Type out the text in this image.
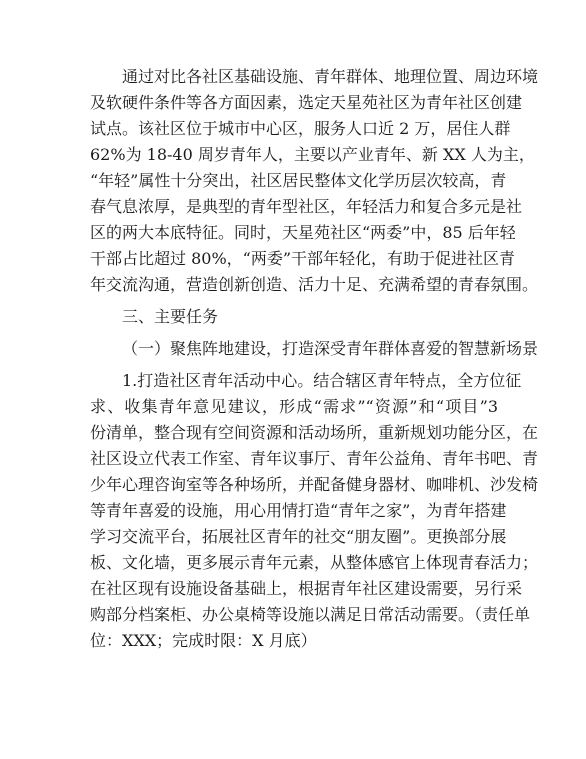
通过对比各社区基础设施、青年群体、地理位置、周边环境
及软硬件条件等各方面因素，选定天星苑社区为青年社区创建
试点。该社区位于城市中心区，服务人口近 2 万，居住人群
62%为 18-40 周岁青年人，主要以产业青年、新 XX 人为主，
“年轻”属性十分突出，社区居民整体文化学历层次较高，青
春气息浓厚，是典型的青年型社区，年轻活力和复合多元是社
区的两大本底特征。同时，天星苑社区“两委”中，85 后年轻
干部占比超过 80%，“两委”干部年轻化，有助于促进社区青
年交流沟通，营造创新创造、活力十足、充满希望的青春氛围。
三、主要任务
（一）聚焦阵地建设，打造深受青年群体喜爱的智慧新场景
1.打造社区青年活动中心。结合辖区青年特点，全方位征
求、收集青年意见建议，形成“需求”“资源”和“项目”3
份清单，整合现有空间资源和活动场所，重新规划功能分区，在
社区设立代表工作室、青年议事厅、青年公益角、青年书吧、青
少年心理咨询室等各种场所，并配备健身器材、咖啡机、沙发椅
等青年喜爱的设施，用心用情打造“青年之家”，为青年搭建
学习交流平台，拓展社区青年的社交“朋友圈”。更换部分展
板、文化墙，更多展示青年元素，从整体感官上体现青春活力；
在社区现有设施设备基础上，根据青年社区建设需要，另行采
购部分档案柜、办公桌椅等设施以满足日常活动需要。（责任单
位：XXX；完成时限：X 月底）
